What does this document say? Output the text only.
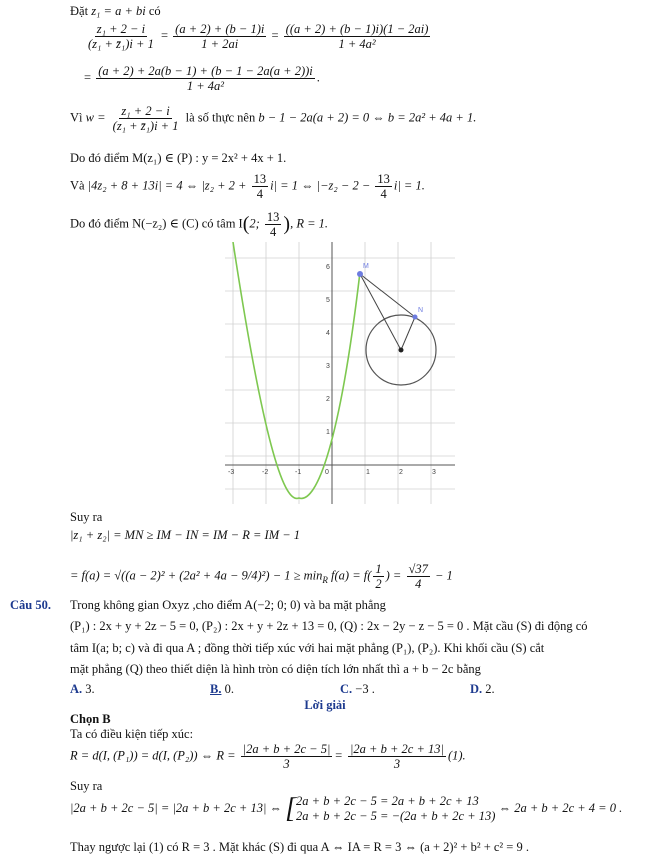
Đặt z₁ = a + bi có
$\frac{\text{z₁ + 2 − i}}{\text{(z₁ + z̄₁)i + 1}} = \frac{(a + 2) + (b - 1)i}{1 + 2ai} = \frac{((a + 2) + (b - 1)i)(1 - 2ai)}{\text{1 + 4a²}}$
= $\frac{(a + 2) + 2a(b - 1) + (b - 1 - 2a(a + 2))i}{\text{1 + 4a²}}$ .
Vì $w = \frac{\text{z₁ + 2 − i}}{\text{(z₁ + z̄₁)i + 1}}$ là số thực nên b − 1 − 2a(a + 2) = 0 ⇔ b = 2a² + 4a + 1.
Do đó điểm M(z₁) ∈ (P) : y = 2x² + 4x + 1.
Và |4z₂ + 8 + 13i| = 4 ⇔ $|z_2 + 2 + \frac{13}{4} i| = 1$ ⇔ $|-z_2 - 2 - \frac{13}{4} i| = 1$.
Do đó điểm N(−z₂) ∈ (C) có tâm I(2; $\frac{13}{4}$ ), R = 1.
-3	-2	-1	0	1	2	3
1
2
3
4
5
6	M
N
Suy ra
|z₁ + z₂| = MN ≥ IM − IN = IM − R = IM − 1
= $f(a) = √((a - 2)^2 + (2a^2 + 4a - 9/4)^2) - 1 \ge \min_R f(a) = f( \frac{1}{2}$ ) = $\frac{√37}{4} - 1$
Câu 50. Trong không gian Oxyz ,cho điểm A(−2; 0; 0) và ba mặt phẳng
(P₁) : 2x + y + 2z − 5 = 0, (P₂) : 2x + y + 2z + 13 = 0, (Q) : 2x − 2y − z − 5 = 0 . Mặt cầu (S) đi động có
tâm I(a; b; c) và đi qua A ; đồng thời tiếp xúc với hai mặt phẳng (P₁), (P₂). Khi khối cầu (S) cắt
mặt phẳng (Q) theo thiết diện là hình tròn có diện tích lớn nhất thì a + b − 2c bằng
A. 3.	B. 0.	C. −3 .	D. 2.
Lời giải
Chọn B
Ta có điều kiện tiếp xúc:
R = d(I, (P₁)) = d(I, (P₂)) ⇔ $R = \frac{|2a + b + 2c - 5|}{3} = \frac{|2a + b + 2c + 13|}{3} (1)$.
Suy ra
|2a + b + 2c − 5| = |2a + b + 2c + 13| ⇔ [ 2a + b + 2c − 5 = 2a + b + 2c + 13
2a + b + 2c − 5 = −(2a + b + 2c + 13)
⇔ 2a + b + 2c + 4 = 0 .
Thay ngược lại (1) có R = 3 . Mặt khác (S) đi qua A ⇔ IA = R = 3 ⇔ (a + 2)² + b² + c² = 9 .
